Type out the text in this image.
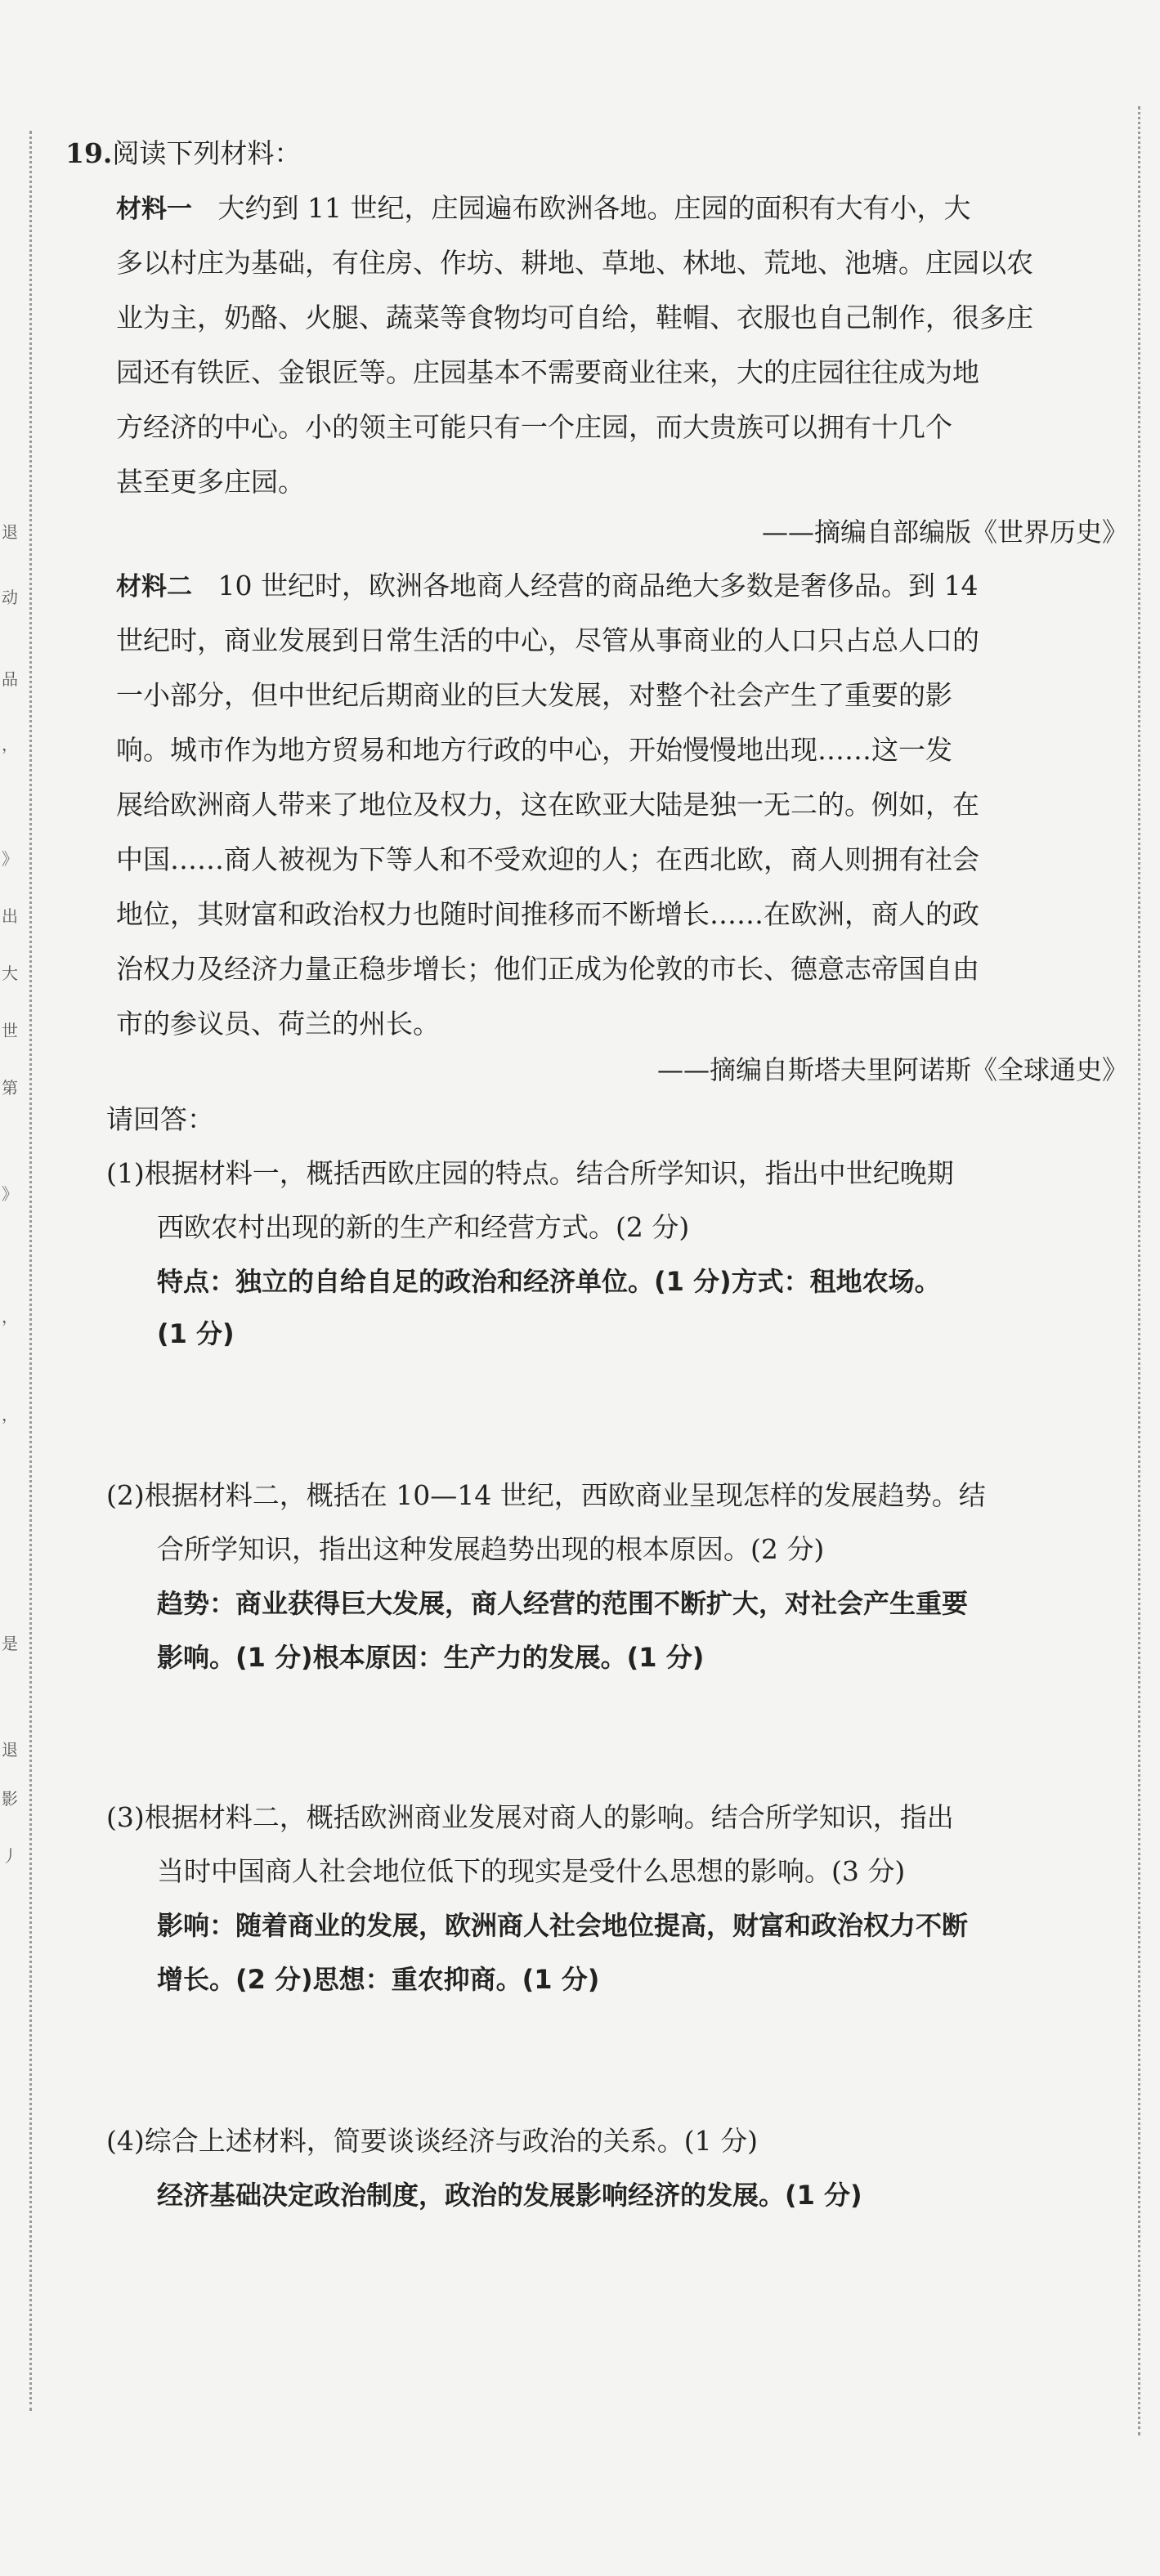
退
动
品
，
》
出
大
世
第
》
，
，
是
退
影
丿
19.阅读下列材料：
材料一 大约到 11 世纪，庄园遍布欧洲各地。庄园的面积有大有小，大
多以村庄为基础，有住房、作坊、耕地、草地、林地、荒地、池塘。庄园以农
业为主，奶酪、火腿、蔬菜等食物均可自给，鞋帽、衣服也自己制作，很多庄
园还有铁匠、金银匠等。庄园基本不需要商业往来，大的庄园往往成为地
方经济的中心。小的领主可能只有一个庄园，而大贵族可以拥有十几个
甚至更多庄园。
——摘编自部编版《世界历史》
材料二 10 世纪时，欧洲各地商人经营的商品绝大多数是奢侈品。到 14
世纪时，商业发展到日常生活的中心，尽管从事商业的人口只占总人口的
一小部分，但中世纪后期商业的巨大发展，对整个社会产生了重要的影
响。城市作为地方贸易和地方行政的中心，开始慢慢地出现……这一发
展给欧洲商人带来了地位及权力，这在欧亚大陆是独一无二的。例如，在
中国……商人被视为下等人和不受欢迎的人；在西北欧，商人则拥有社会
地位，其财富和政治权力也随时间推移而不断增长……在欧洲，商人的政
治权力及经济力量正稳步增长；他们正成为伦敦的市长、德意志帝国自由
市的参议员、荷兰的州长。
——摘编自斯塔夫里阿诺斯《全球通史》
请回答：
(1)根据材料一，概括西欧庄园的特点。结合所学知识，指出中世纪晚期
西欧农村出现的新的生产和经营方式。(2 分)
特点：独立的自给自足的政治和经济单位。(1 分)方式：租地农场。
(1 分)
(2)根据材料二，概括在 10—14 世纪，西欧商业呈现怎样的发展趋势。结
合所学知识，指出这种发展趋势出现的根本原因。(2 分)
趋势：商业获得巨大发展，商人经营的范围不断扩大，对社会产生重要
影响。(1 分)根本原因：生产力的发展。(1 分)
(3)根据材料二，概括欧洲商业发展对商人的影响。结合所学知识，指出
当时中国商人社会地位低下的现实是受什么思想的影响。(3 分)
影响：随着商业的发展，欧洲商人社会地位提高，财富和政治权力不断
增长。(2 分)思想：重农抑商。(1 分)
(4)综合上述材料，简要谈谈经济与政治的关系。(1 分)
经济基础决定政治制度，政治的发展影响经济的发展。(1 分)
